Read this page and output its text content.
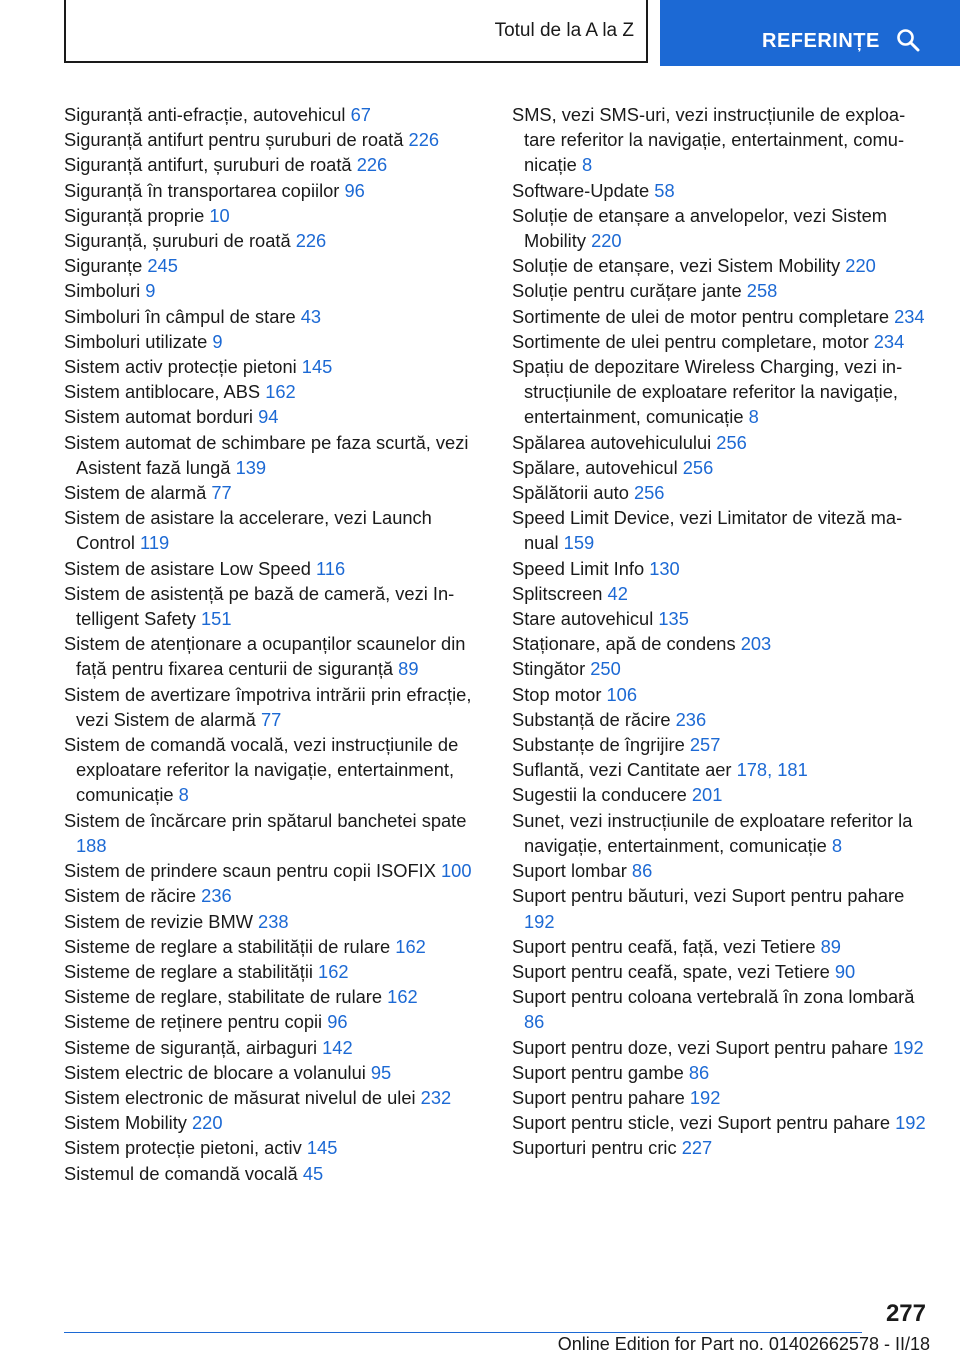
Totul de la A la Z	REFERINȚE
Siguranță anti-efracție, autovehicul 67
Siguranță antifurt pentru șuruburi de roată 226
Siguranță antifurt, șuruburi de roată 226
Siguranță în transportarea copiilor 96
Siguranță proprie 10
Siguranță, șuruburi de roată 226
Siguranțe 245
Simboluri 9
Simboluri în câmpul de stare 43
Simboluri utilizate 9
Sistem activ protecție pietoni 145
Sistem antiblocare, ABS 162
Sistem automat borduri 94
Sistem automat de schimbare pe faza scurtă, vezi Asistent fază lungă 139
Sistem de alarmă 77
Sistem de asistare la accelerare, vezi Launch Control 119
Sistem de asistare Low Speed 116
Sistem de asistență pe bază de cameră, vezi Intelligent Safety 151
Sistem de atenționare a ocupanților scaunelor din față pentru fixarea centurii de siguranță 89
Sistem de avertizare împotriva intrării prin efracție, vezi Sistem de alarmă 77
Sistem de comandă vocală, vezi instrucțiunile de exploatare referitor la navigație, entertainment, comunicație 8
Sistem de încărcare prin spătarul banchetei spate 188
Sistem de prindere scaun pentru copii ISOFIX 100
Sistem de răcire 236
Sistem de revizie BMW 238
Sisteme de reglare a stabilității de rulare 162
Sisteme de reglare a stabilității 162
Sisteme de reglare, stabilitate de rulare 162
Sisteme de reținere pentru copii 96
Sisteme de siguranță, airbaguri 142
Sistem electric de blocare a volanului 95
Sistem electronic de măsurat nivelul de ulei 232
Sistem Mobility 220
Sistem protecție pietoni, activ 145
Sistemul de comandă vocală 45
SMS, vezi SMS-uri, vezi instrucțiunile de exploatare referitor la navigație, entertainment, comunicație 8
Software-Update 58
Soluție de etanșare a anvelopelor, vezi Sistem Mobility 220
Soluție de etanșare, vezi Sistem Mobility 220
Soluție pentru curățare jante 258
Sortimente de ulei de motor pentru completare 234
Sortimente de ulei pentru completare, motor 234
Spațiu de depozitare Wireless Charging, vezi instrucțiunile de exploatare referitor la navigație, entertainment, comunicație 8
Spălarea autovehiculului 256
Spălare, autovehicul 256
Spălătorii auto 256
Speed Limit Device, vezi Limitator de viteză manual 159
Speed Limit Info 130
Splitscreen 42
Stare autovehicul 135
Staționare, apă de condens 203
Stingător 250
Stop motor 106
Substanță de răcire 236
Substanțe de îngrijire 257
Suflantă, vezi Cantitate aer 178, 181
Sugestii la conducere 201
Sunet, vezi instrucțiunile de exploatare referitor la navigație, entertainment, comunicație 8
Suport lombar 86
Suport pentru băuturi, vezi Suport pentru pahare 192
Suport pentru ceafă, față, vezi Tetiere 89
Suport pentru ceafă, spate, vezi Tetiere 90
Suport pentru coloana vertebrală în zona lombară 86
Suport pentru doze, vezi Suport pentru pahare 192
Suport pentru gambe 86
Suport pentru pahare 192
Suport pentru sticle, vezi Suport pentru pahare 192
Suporturi pentru cric 227
277
Online Edition for Part no. 01402662578 - II/18
